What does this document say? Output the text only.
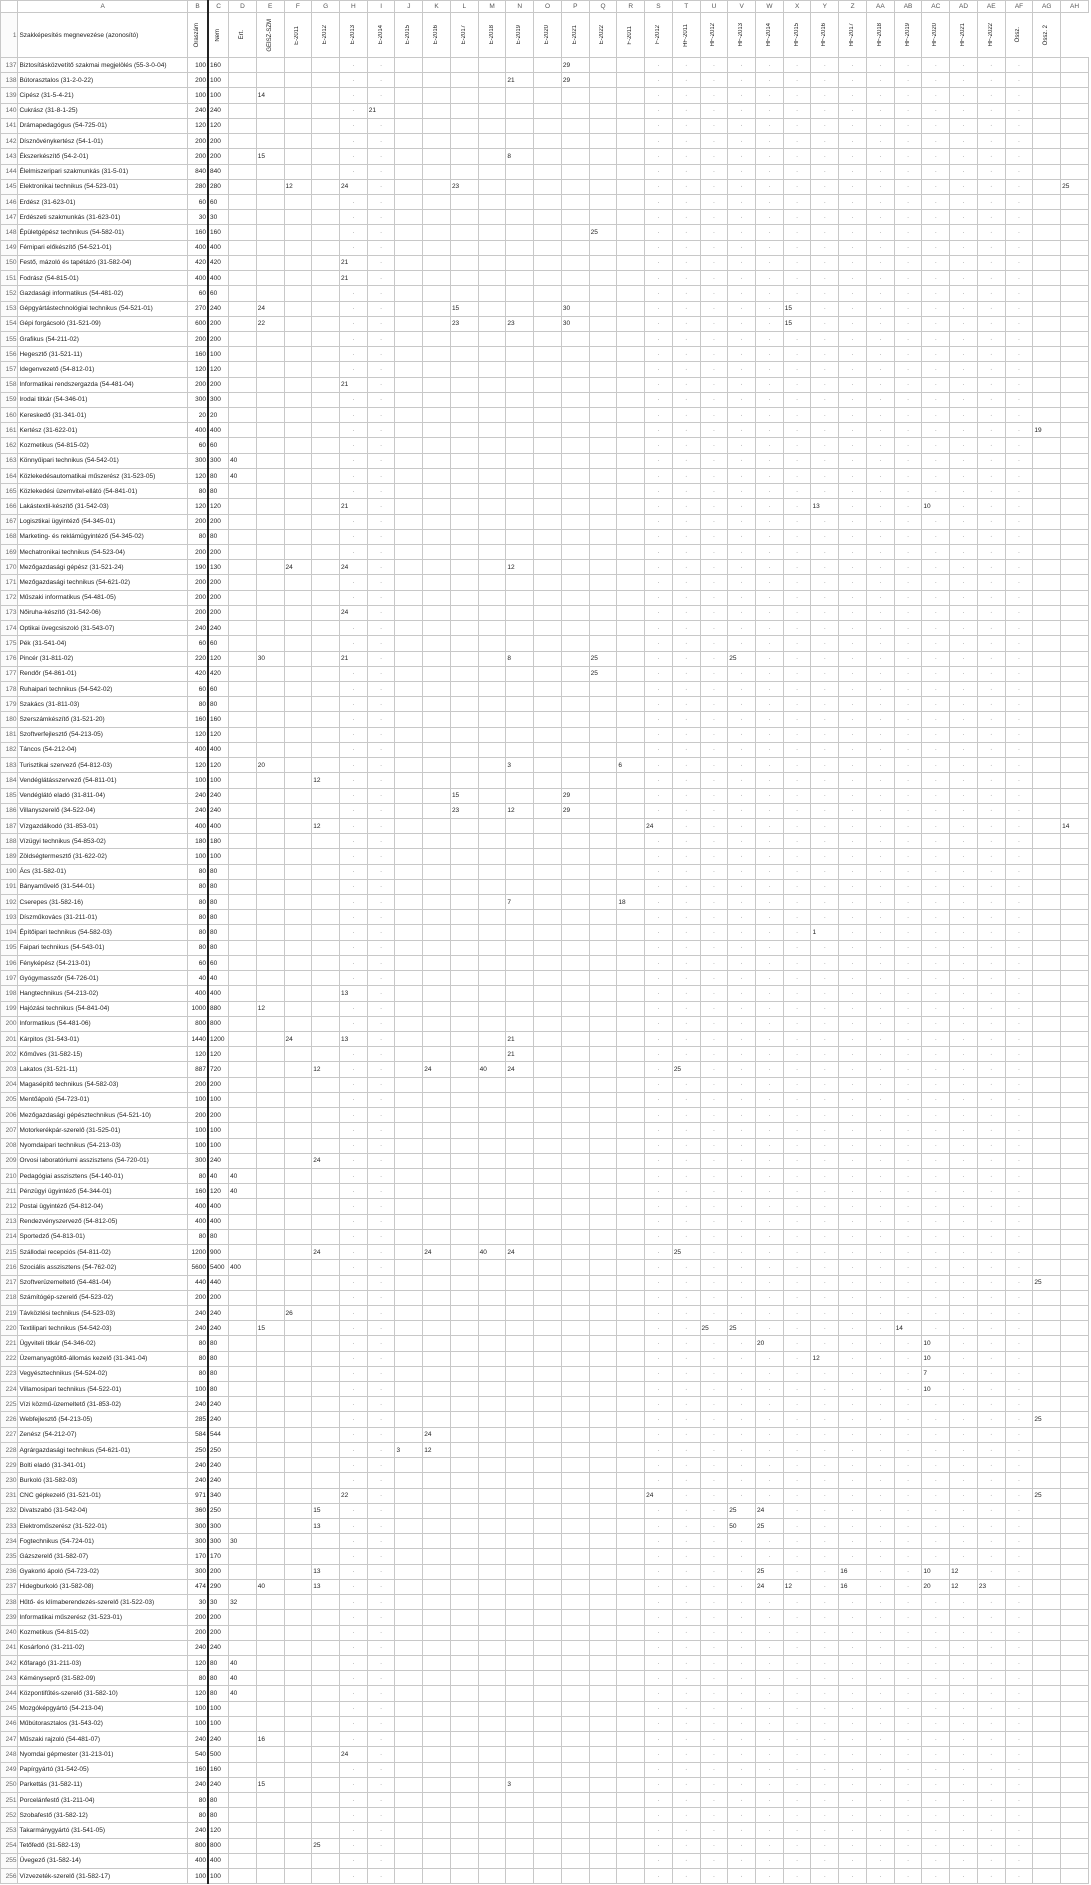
	A	B	C	D	E	F	G	H	I	J	K	L	M	N	O	P	Q	R	S	T	U	V	W	X	Y	Z	AA	AB	AC	AD	AE	AF	AG	AH
1	Szakképesítés megnevezése (azonosító)	Óraszám	Nem	Ért.	GÉÍSZ-SZM	E-2011	E-2012	E-2013	E-2014	E-2015	E-2016	E-2017	E-2018	E-2019	E-2020	E-2021	E-2022	F-2011	F-2012	HF-2011	HF-2012	HF-2013	HF-2014	HF-2015	HF-2016	HF-2017	HF-2018	HF-2019	HF-2020	HF-2021	HF-2022	Össz.	Össz. 2	

137	Biztosításközvetítő szakmai megjelölés (55-3-0-04)	100	160					·	·							29			·	·	·	·	·	·	·	·	·	·	·	·	·	·		
138	Bútorasztalos (31-2-0-22)	200	100					·	·					21		29			·	·	·	·	·	·	·	·	·	·	·	·	·	·		
139	Cipész (31-5-4-21)	100	100		14			·	·										·	·	·	·	·	·	·	·	·	·	·	·	·	·		
140	Cukrász (31-8-1-25)	240	240					·	21										·	·	·	·	·	·	·	·	·	·	·	·	·	·		
141	Drámapedagógus (54-725-01)	120	120					·	·										·	·	·	·	·	·	·	·	·	·	·	·	·	·		
142	Dísznövénykertész (54-1-01)	200	200					·	·										·	·	·	·	·	·	·	·	·	·	·	·	·	·		
143	Ékszerkészítő (54-2-01)	200	200		15			·	·					8					·	·	·	·	·	·	·	·	·	·	·	·	·	·		
144	Élelmiszeripari szakmunkás (31-5-01)	840	840					·	·										·	·	·	·	·	·	·	·	·	·	·	·	·	·		
145	Elektronikai technikus (54-523-01)	280	280			12		24	·			23							·	·	·	·	·	·	·	·	·	·	·	·	·	·		25
146	Erdész (31-623-01)	60	60					·	·										·	·	·	·	·	·	·	·	·	·	·	·	·	·		
147	Erdészeti szakmunkás (31-623-01)	30	30					·	·										·	·	·	·	·	·	·	·	·	·	·	·	·	·		
148	Épületgépész technikus (54-582-01)	160	160					·	·								25		·	·	·	·	·	·	·	·	·	·	·	·	·	·		
149	Fémipari előkészítő (54-521-01)	400	400					·	·										·	·	·	·	·	·	·	·	·	·	·	·	·	·		
150	Festő, mázoló és tapétázó (31-582-04)	420	420					21	·										·	·	·	·	·	·	·	·	·	·	·	·	·	·		
151	Fodrász (54-815-01)	400	400					21	·										·	·	·	·	·	·	·	·	·	·	·	·	·	·		
152	Gazdasági informatikus (54-481-02)	60	60					·	·										·	·	·	·	·	·	·	·	·	·	·	·	·	·		
153	Gépgyártástechnológiai technikus (54-521-01)	270	240		24			·	·			15				30			·	·	·	·	·	15	·	·	·	·	·	·	·	·		
154	Gépi forgácsoló (31-521-09)	600	200		22			·	·			23		23		30			·	·	·	·	·	15	·	·	·	·	·	·	·	·		
155	Grafikus (54-211-02)	200	200					·	·										·	·	·	·	·	·	·	·	·	·	·	·	·	·		
156	Hegesztő (31-521-11)	160	100					·	·										·	·	·	·	·	·	·	·	·	·	·	·	·	·		
157	Idegenvezető (54-812-01)	120	120					·	·										·	·	·	·	·	·	·	·	·	·	·	·	·	·		
158	Informatikai rendszergazda (54-481-04)	200	200					21	·										·	·	·	·	·	·	·	·	·	·	·	·	·	·		
159	Irodai titkár (54-346-01)	300	300					·	·										·	·	·	·	·	·	·	·	·	·	·	·	·	·		
160	Kereskedő (31-341-01)	20	20					·	·										·	·	·	·	·	·	·	·	·	·	·	·	·	·		
161	Kertész (31-622-01)	400	400					·	·										·	·	·	·	·	·	·	·	·	·	·	·	·	·	19	
162	Kozmetikus (54-815-02)	60	60					·	·										·	·	·	·	·	·	·	·	·	·	·	·	·	·		
163	Könnyűipari technikus (54-542-01)	300	300	40				·	·										·	·	·	·	·	·	·	·	·	·	·	·	·	·		
164	Közlekedésautomatikai műszerész (31-523-05)	120	80	40				·	·										·	·	·	·	·	·	·	·	·	·	·	·	·	·		
165	Közlekedési üzemvitel-ellátó (54-841-01)	80	80					·	·										·	·	·	·	·	·	·	·	·	·	·	·	·	·		
166	Lakástextil-készítő (31-542-03)	120	120					21	·										·	·	·	·	·	·	13	·	·	·	10	·	·	·		
167	Logisztikai ügyintéző (54-345-01)	200	200					·	·										·	·	·	·	·	·	·	·	·	·	·	·	·	·		
168	Marketing- és reklámügyintéző (54-345-02)	80	80					·	·										·	·	·	·	·	·	·	·	·	·	·	·	·	·		
169	Mechatronikai technikus (54-523-04)	200	200					·	·										·	·	·	·	·	·	·	·	·	·	·	·	·	·		
170	Mezőgazdasági gépész (31-521-24)	190	130			24		24	·					12					·	·	·	·	·	·	·	·	·	·	·	·	·	·		
171	Mezőgazdasági technikus (54-621-02)	200	200					·	·										·	·	·	·	·	·	·	·	·	·	·	·	·	·		
172	Műszaki informatikus (54-481-05)	200	200					·	·										·	·	·	·	·	·	·	·	·	·	·	·	·	·		
173	Nőiruha-készítő (31-542-06)	200	200					24	·										·	·	·	·	·	·	·	·	·	·	·	·	·	·		
174	Optikai üvegcsiszoló (31-543-07)	240	240					·	·										·	·	·	·	·	·	·	·	·	·	·	·	·	·		
175	Pék (31-541-04)	60	60					·	·										·	·	·	·	·	·	·	·	·	·	·	·	·	·		
176	Pincér (31-811-02)	220	120		30			21	·					8			25		·	·	·	25	·	·	·	·	·	·	·	·	·	·		
177	Rendőr (54-861-01)	420	420					·	·								25		·	·	·	·	·	·	·	·	·	·	·	·	·	·		
178	Ruhaipari technikus (54-542-02)	60	60					·	·										·	·	·	·	·	·	·	·	·	·	·	·	·	·		
179	Szakács (31-811-03)	80	80					·	·										·	·	·	·	·	·	·	·	·	·	·	·	·	·		
180	Szerszámkészítő (31-521-20)	160	160					·	·										·	·	·	·	·	·	·	·	·	·	·	·	·	·		
181	Szoftverfejlesztő (54-213-05)	120	120					·	·										·	·	·	·	·	·	·	·	·	·	·	·	·	·		
182	Táncos (54-212-04)	400	400					·	·										·	·	·	·	·	·	·	·	·	·	·	·	·	·		
183	Turisztikai szervező (54-812-03)	120	120		20			·	·					3				6	·	·	·	·	·	·	·	·	·	·	·	·	·	·		
184	Vendéglátásszervező (54-811-01)	100	100				12	·	·										·	·	·	·	·	·	·	·	·	·	·	·	·	·		
185	Vendéglátó eladó (31-811-04)	240	240					·	·			15				29			·	·	·	·	·	·	·	·	·	·	·	·	·	·		
186	Villanyszerelő (34-522-04)	240	240					·	·			23		12		29			·	·	·	·	·	·	·	·	·	·	·	·	·	·		
187	Vízgazdálkodó (31-853-01)	400	400				12	·	·										24	·	·	·	·	·	·	·	·	·	·	·	·	·		14
188	Vízügyi technikus (54-853-02)	180	180					·	·										·	·	·	·	·	·	·	·	·	·	·	·	·	·		
189	Zöldségtermesztő (31-622-02)	100	100					·	·										·	·	·	·	·	·	·	·	·	·	·	·	·	·		
190	Ács (31-582-01)	80	80					·	·										·	·	·	·	·	·	·	·	·	·	·	·	·	·		
191	Bányaművelő (31-544-01)	80	80					·	·										·	·	·	·	·	·	·	·	·	·	·	·	·	·		
192	Cserepes (31-582-16)	80	80					·	·					7				18	·	·	·	·	·	·	·	·	·	·	·	·	·	·		
193	Díszműkovács (31-211-01)	80	80					·	·										·	·	·	·	·	·	·	·	·	·	·	·	·	·		
194	Építőipari technikus (54-582-03)	80	80					·	·										·	·	·	·	·	·	1	·	·	·	·	·	·	·		
195	Faipari technikus (54-543-01)	80	80					·	·										·	·	·	·	·	·	·	·	·	·	·	·	·	·		
196	Fényképész (54-213-01)	60	60					·	·										·	·	·	·	·	·	·	·	·	·	·	·	·	·		
197	Gyógymasszőr (54-726-01)	40	40					·	·										·	·	·	·	·	·	·	·	·	·	·	·	·	·		
198	Hangtechnikus (54-213-02)	400	400					13	·										·	·	·	·	·	·	·	·	·	·	·	·	·	·		
199	Hajózási technikus (54-841-04)	1000	880		12			·	·										·	·	·	·	·	·	·	·	·	·	·	·	·	·		
200	Informatikus (54-481-06)	800	800					·	·										·	·	·	·	·	·	·	·	·	·	·	·	·	·		
201	Kárpitos (31-543-01)	1440	1200			24		13	·					21					·	·	·	·	·	·	·	·	·	·	·	·	·	·		
202	Kőműves (31-582-15)	120	120					·	·					21					·	·	·	·	·	·	·	·	·	·	·	·	·	·		
203	Lakatos (31-521-11)	887	720				12	·	·		24		40	24					·	25	·	·	·	·	·	·	·	·	·	·	·	·		
204	Magasépítő technikus (54-582-03)	200	200					·	·										·	·	·	·	·	·	·	·	·	·	·	·	·	·		
205	Mentőápoló (54-723-01)	100	100					·	·										·	·	·	·	·	·	·	·	·	·	·	·	·	·		
206	Mezőgazdasági gépésztechnikus (54-521-10)	200	200					·	·										·	·	·	·	·	·	·	·	·	·	·	·	·	·		
207	Motorkerékpár-szerelő (31-525-01)	100	100					·	·										·	·	·	·	·	·	·	·	·	·	·	·	·	·		
208	Nyomdaipari technikus (54-213-03)	100	100					·	·										·	·	·	·	·	·	·	·	·	·	·	·	·	·		
209	Orvosi laboratóriumi asszisztens (54-720-01)	300	240				24	·	·										·	·	·	·	·	·	·	·	·	·	·	·	·	·		
210	Pedagógiai asszisztens (54-140-01)	80	40	40				·	·										·	·	·	·	·	·	·	·	·	·	·	·	·	·		
211	Pénzügyi ügyintéző (54-344-01)	160	120	40				·	·										·	·	·	·	·	·	·	·	·	·	·	·	·	·		
212	Postai ügyintéző (54-812-04)	400	400					·	·										·	·	·	·	·	·	·	·	·	·	·	·	·	·		
213	Rendezvényszervező (54-812-05)	400	400					·	·										·	·	·	·	·	·	·	·	·	·	·	·	·	·		
214	Sportedző (54-813-01)	80	80					·	·										·	·	·	·	·	·	·	·	·	·	·	·	·	·		
215	Szállodai recepciós (54-811-02)	1200	900				24	·	·		24		40	24					·	25	·	·	·	·	·	·	·	·	·	·	·	·		
216	Szociális asszisztens (54-762-02)	5600	5400	400				·	·										·	·	·	·	·	·	·	·	·	·	·	·	·	·		
217	Szoftverüzemeltető (54-481-04)	440	440					·	·										·	·	·	·	·	·	·	·	·	·	·	·	·	·	25	
218	Számítógép-szerelő (54-523-02)	200	200					·	·										·	·	·	·	·	·	·	·	·	·	·	·	·	·		
219	Távközlési technikus (54-523-03)	240	240			26		·	·										·	·	·	·	·	·	·	·	·	·	·	·	·	·		
220	Textilipari technikus (54-542-03)	240	240		15			·	·										·	·	25	25	·	·	·	·	·	14	·	·	·	·		
221	Ügyviteli titkár (54-346-02)	80	80					·	·										·	·	·	·	20	·	·	·	·	·	10	·	·	·		
222	Üzemanyagtöltő-állomás kezelő (31-341-04)	80	80					·	·										·	·	·	·	·	·	12	·	·	·	10	·	·	·		
223	Vegyésztechnikus (54-524-02)	80	80					·	·										·	·	·	·	·	·	·	·	·	·	7	·	·	·		
224	Villamosipari technikus (54-522-01)	100	80					·	·										·	·	·	·	·	·	·	·	·	·	10	·	·	·		
225	Vízi közmű-üzemeltető (31-853-02)	240	240					·	·										·	·	·	·	·	·	·	·	·	·	·	·	·	·		
226	Webfejlesztő (54-213-05)	285	240					·	·										·	·	·	·	·	·	·	·	·	·	·	·	·	·	25	
227	Zenész (54-212-07)	584	544					·	·		24								·	·	·	·	·	·	·	·	·	·	·	·	·	·		
228	Agrárgazdasági technikus (54-621-01)	250	250					·	·	3	12								·	·	·	·	·	·	·	·	·	·	·	·	·	·		
229	Bolti eladó (31-341-01)	240	240					·	·										·	·	·	·	·	·	·	·	·	·	·	·	·	·		
230	Burkoló (31-582-03)	240	240					·	·										·	·	·	·	·	·	·	·	·	·	·	·	·	·		
231	CNC gépkezelő (31-521-01)	971	340					22	·										24	·	·	·	·	·	·	·	·	·	·	·	·	·	25	
232	Divatszabó (31-542-04)	360	250				15	·	·										·	·	·	25	24	·	·	·	·	·	·	·	·	·		
233	Elektroműszerész (31-522-01)	300	300				13	·	·										·	·	·	50	25	·	·	·	·	·	·	·	·	·		
234	Fogtechnikus (54-724-01)	300	300	30				·	·										·	·	·	·	·	·	·	·	·	·	·	·	·	·		
235	Gázszerelő (31-582-07)	170	170					·	·										·	·	·	·	·	·	·	·	·	·	·	·	·	·		
236	Gyakorló ápoló (54-723-02)	300	200				13	·	·										·	·	·	·	25	·	·	16	·	·	10	12	·	·		
237	Hidegburkoló (31-582-08)	474	290		40		13	·	·										·	·	·	·	24	12	·	16	·	·	20	12	23	·		
238	Hűtő- és klímaberendezés-szerelő (31-522-03)	30	30	32				·	·										·	·	·	·	·	·	·	·	·	·	·	·	·	·		
239	Informatikai műszerész (31-523-01)	200	200					·	·										·	·	·	·	·	·	·	·	·	·	·	·	·	·		
240	Kozmetikus (54-815-02)	200	200					·	·										·	·	·	·	·	·	·	·	·	·	·	·	·	·		
241	Kosárfonó (31-211-02)	240	240					·	·										·	·	·	·	·	·	·	·	·	·	·	·	·	·		
242	Kőfaragó (31-211-03)	120	80	40				·	·										·	·	·	·	·	·	·	·	·	·	·	·	·	·		
243	Kéményseprő (31-582-09)	80	80	40				·	·										·	·	·	·	·	·	·	·	·	·	·	·	·	·		
244	Központifűtés-szerelő (31-582-10)	120	80	40				·	·										·	·	·	·	·	·	·	·	·	·	·	·	·	·		
245	Mozgóképgyártó (54-213-04)	100	100					·	·										·	·	·	·	·	·	·	·	·	·	·	·	·	·		
246	Műbútorasztalos (31-543-02)	100	100					·	·										·	·	·	·	·	·	·	·	·	·	·	·	·	·		
247	Műszaki rajzoló (54-481-07)	240	240		16			·	·										·	·	·	·	·	·	·	·	·	·	·	·	·	·		
248	Nyomdai gépmester (31-213-01)	540	500					24	·										·	·	·	·	·	·	·	·	·	·	·	·	·	·		
249	Papírgyártó (31-542-05)	160	160					·	·										·	·	·	·	·	·	·	·	·	·	·	·	·	·		
250	Parkettás (31-582-11)	240	240		15			·	·					3					·	·	·	·	·	·	·	·	·	·	·	·	·	·		
251	Porcelánfestő (31-211-04)	80	80					·	·										·	·	·	·	·	·	·	·	·	·	·	·	·	·		
252	Szobafestő (31-582-12)	80	80					·	·										·	·	·	·	·	·	·	·	·	·	·	·	·	·		
253	Takarmánygyártó (31-541-05)	240	120					·	·										·	·	·	·	·	·	·	·	·	·	·	·	·	·		
254	Tetőfedő (31-582-13)	800	800				25	·	·										·	·	·	·	·	·	·	·	·	·	·	·	·	·		
255	Üvegező (31-582-14)	400	400					·	·										·	·	·	·	·	·	·	·	·	·	·	·	·	·		
256	Vízvezeték-szerelő (31-582-17)	100	100					·	·										·	·	·	·	·	·	·	·	·	·	·	·	·	·		
